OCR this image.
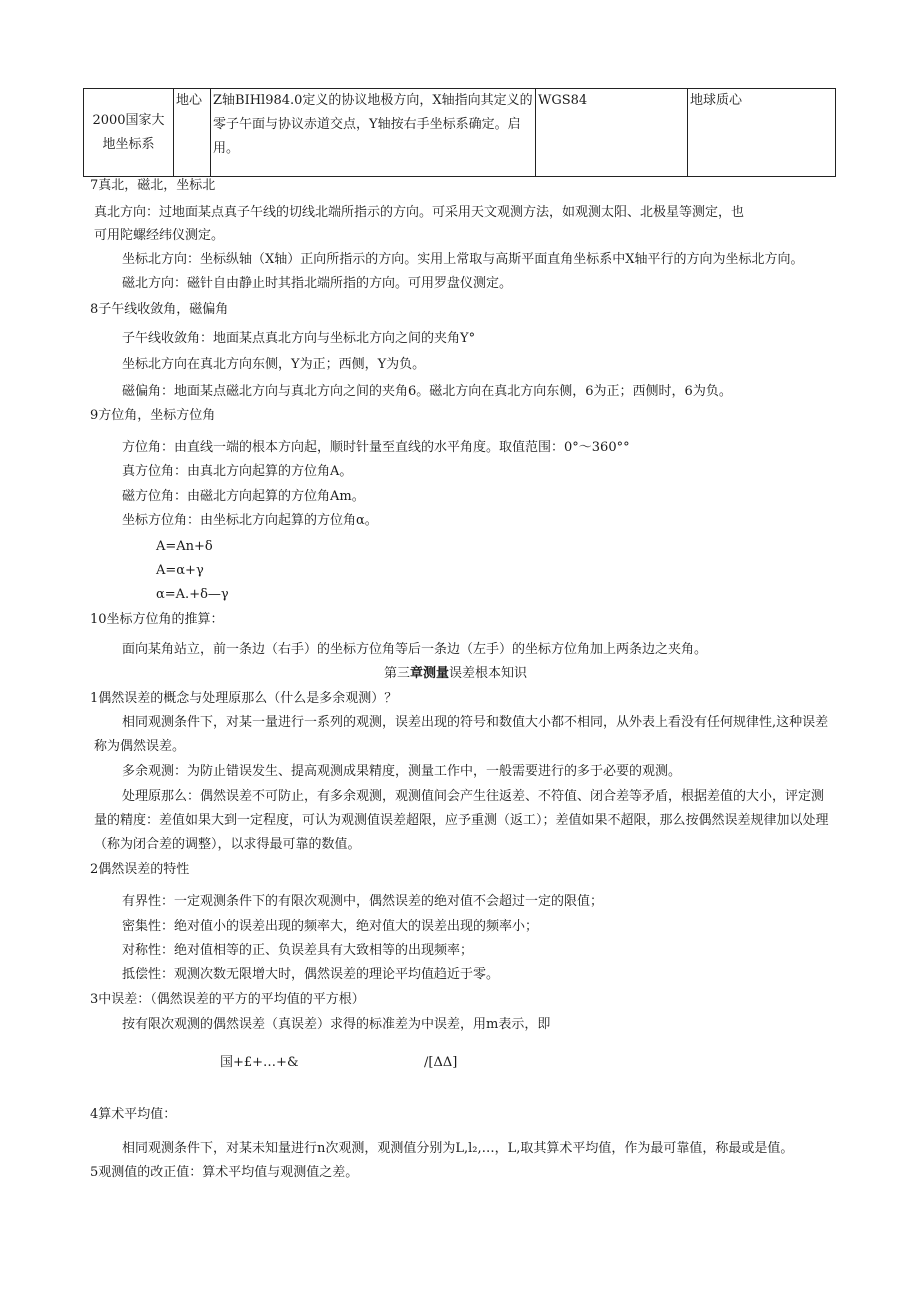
2000国家大地坐标系	地心	Z轴BIHl984.0定义的协议地极方向，X轴指向其定义的零子午面与协议赤道交点，Y轴按右手坐标系确定。启用。	WGS84	地球质心
7真北，磁北，坐标北
真北方向：过地面某点真子午线的切线北端所指示的方向。可采用天文观测方法，如观测太阳、北极星等测定，也
可用陀螺经纬仪测定。
坐标北方向：坐标纵轴（X轴）正向所指示的方向。实用上常取与高斯平面直角坐标系中X轴平行的方向为坐标北方向。
磁北方向：磁针自由静止时其指北端所指的方向。可用罗盘仪测定。
8子午线收敛角，磁偏角
子午线收敛角：地面某点真北方向与坐标北方向之间的夹角Y°
坐标北方向在真北方向东侧，Y为正；西侧，Y为负。
磁偏角：地面某点磁北方向与真北方向之间的夹角6。磁北方向在真北方向东侧，6为正；西侧时，6为负。
9方位角，坐标方位角
方位角：由直线一端的根本方向起，顺时针量至直线的水平角度。取值范围：0°～360°°
真方位角：由真北方向起算的方位角A。
磁方位角：由磁北方向起算的方位角Am。
坐标方位角：由坐标北方向起算的方位角α。
A=An+δ
A=α+γ
α=A.+δ—γ
10坐标方位角的推算：
面向某角站立，前一条边（右手）的坐标方位角等后一条边（左手）的坐标方位角加上两条边之夹角。
第三章测量误差根本知识
1偶然误差的概念与处理原那么（什么是多余观测）？
相同观测条件下，对某一量进行一系列的观测，误差出现的符号和数值大小都不相同，从外表上看没有任何规律性,这种误差
称为偶然误差。
多余观测：为防止错误发生、提高观测成果精度，测量工作中，一般需要进行的多于必要的观测。
处理原那么：偶然误差不可防止，有多余观测，观测值间会产生往返差、不符值、闭合差等矛盾，根据差值的大小，评定测
量的精度：差值如果大到一定程度，可认为观测值误差超限，应予重测（返工）；差值如果不超限，那么按偶然误差规律加以处理
（称为闭合差的调整），以求得最可靠的数值。
2偶然误差的特性
有界性：一定观测条件下的有限次观测中，偶然误差的绝对值不会超过一定的限值；
密集性：绝对值小的误差出现的频率大，绝对值大的误差出现的频率小；
对称性：绝对值相等的正、负误差具有大致相等的出现频率；
抵偿性：观测次数无限增大时，偶然误差的理论平均值趋近于零。
3中误差：（偶然误差的平方的平均值的平方根）
按有限次观测的偶然误差（真误差）求得的标准差为中误差，用m表示，即
国+£+…+&	/[ΔΔ]
4算术平均值：
相同观测条件下，对某未知量进行n次观测，观测值分别为L,l₂,…，L,取其算术平均值，作为最可靠值，称最或是值。
5观测值的改正值：算术平均值与观测值之差。
